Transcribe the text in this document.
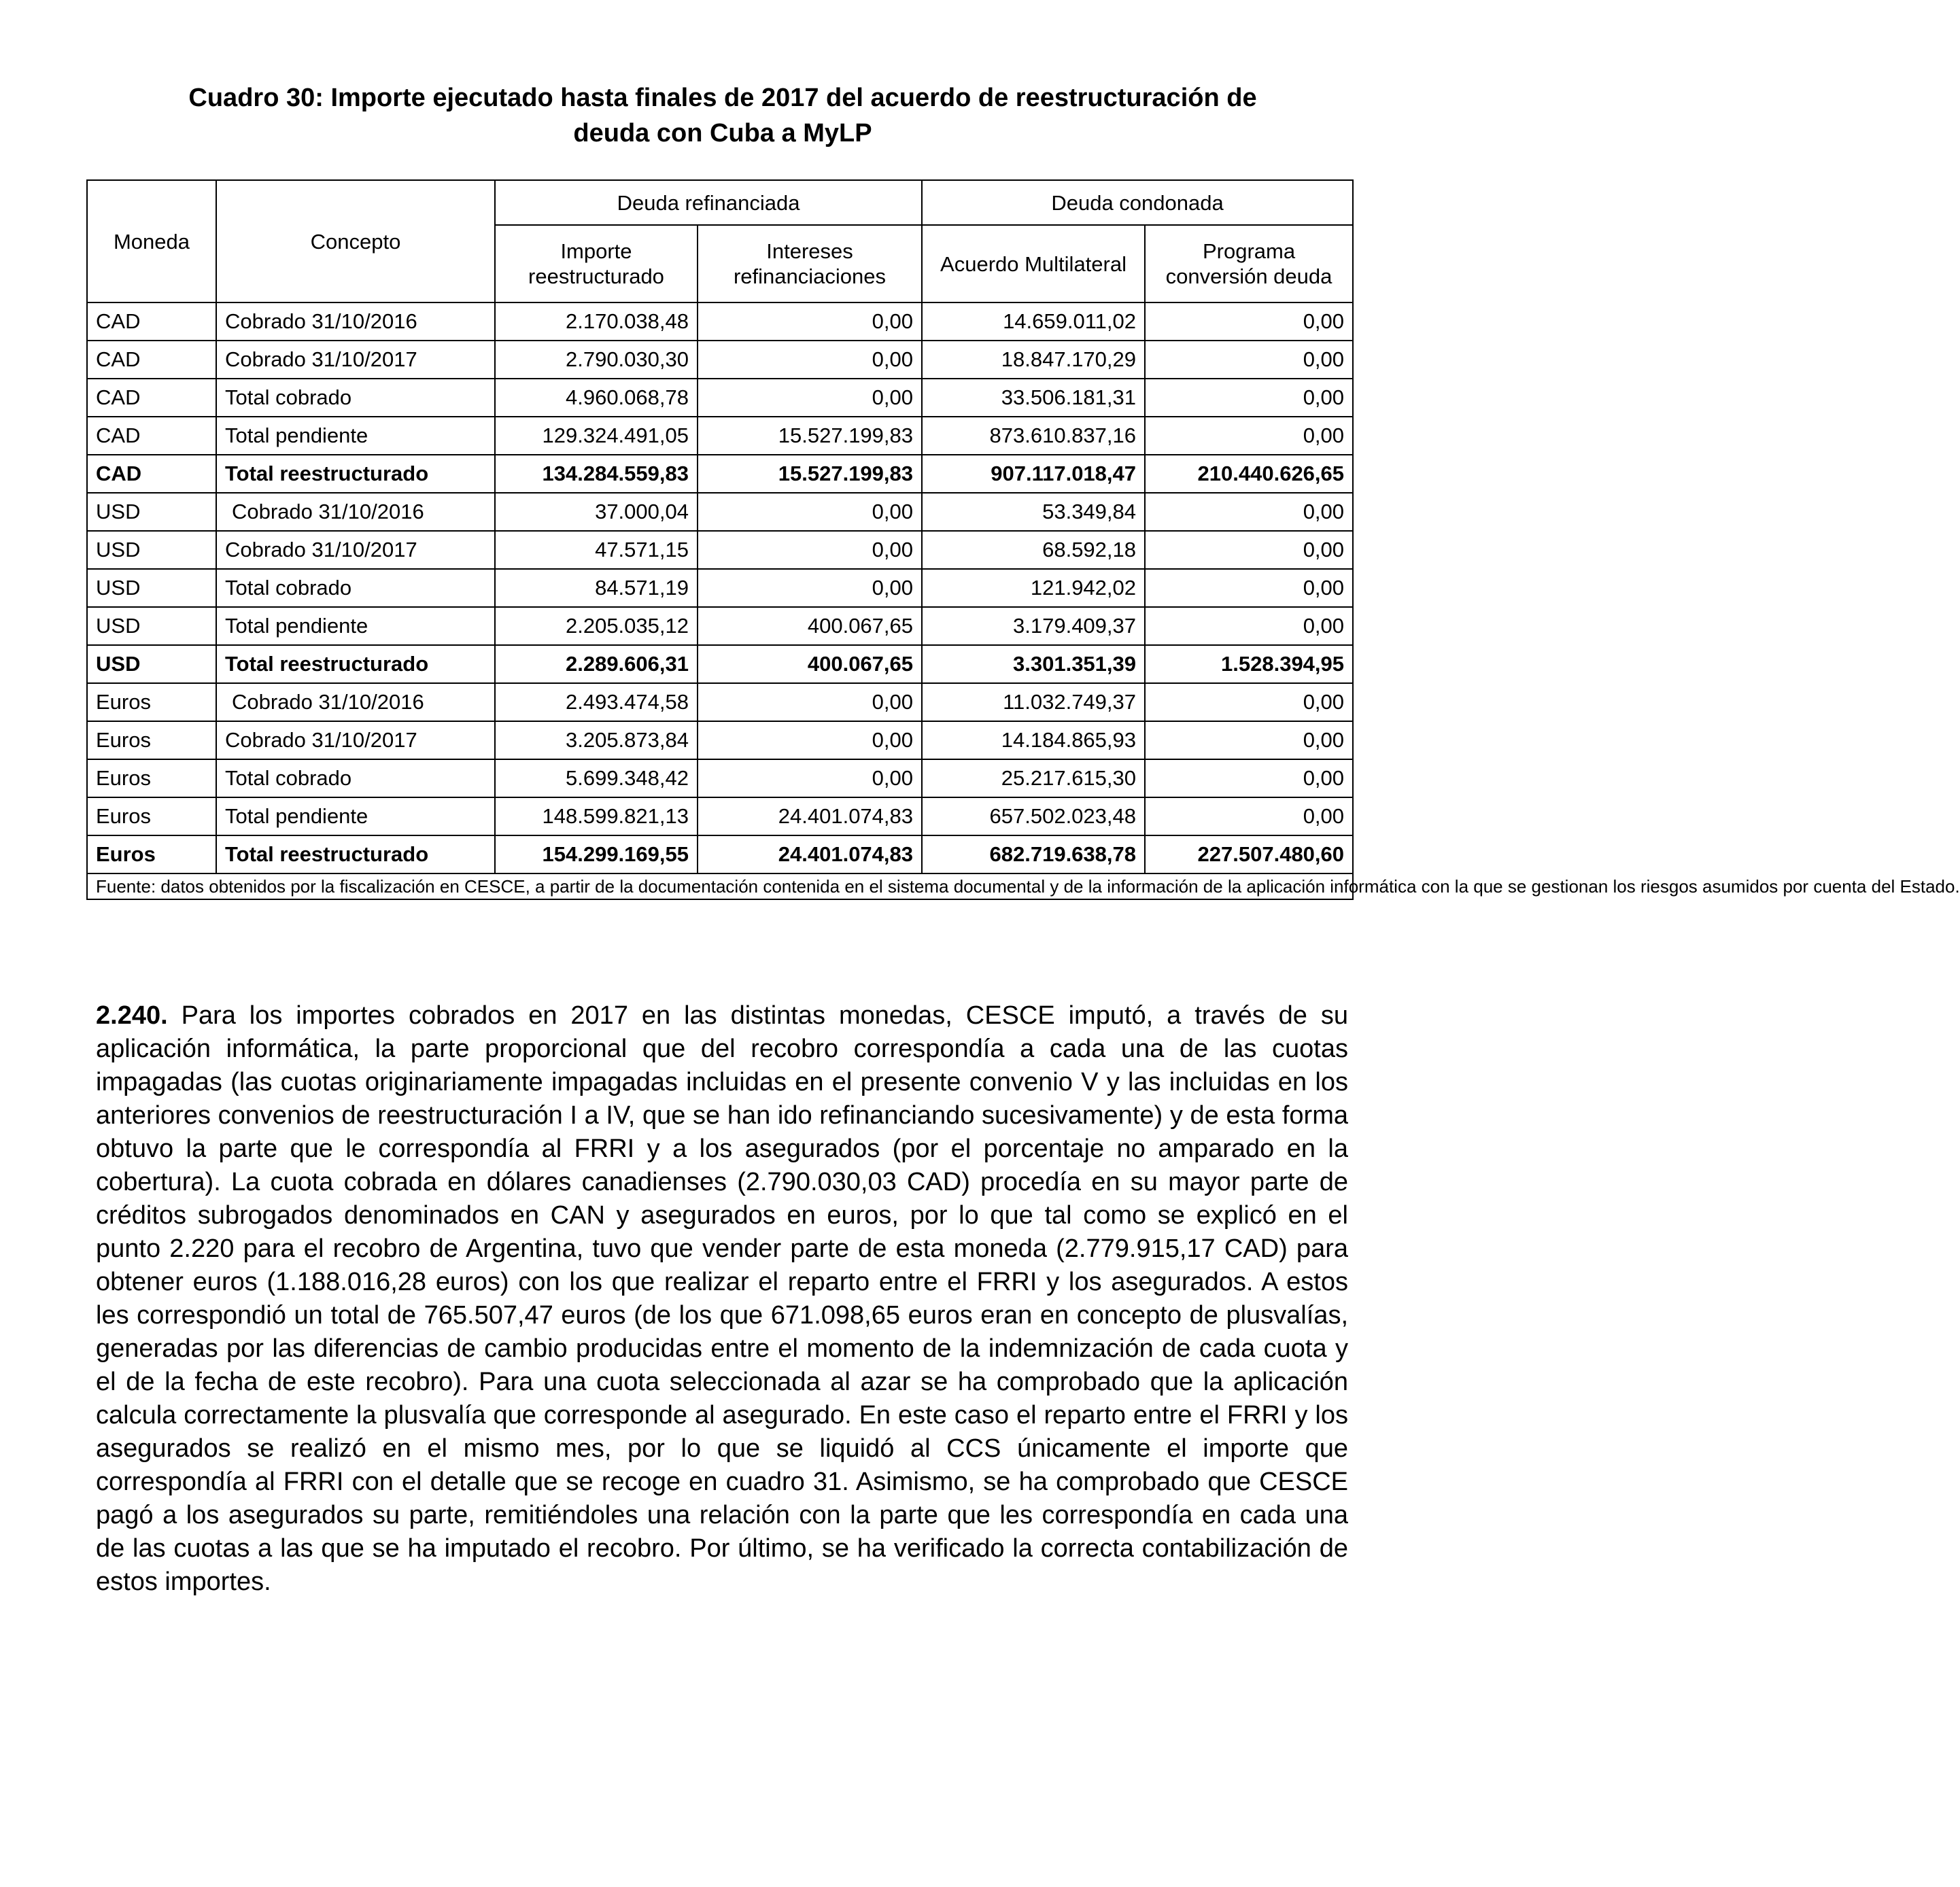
Cuadro 30: Importe ejecutado hasta finales de 2017 del acuerdo de reestructuración de
deuda con Cuba a MyLP
Moneda	Concepto	Deuda refinanciada		Deuda condonada	
		Importe reestructurado	Intereses refinanciaciones	Acuerdo Multilateral	Programa conversión deuda
CAD	Cobrado 31/10/2016	2.170.038,48	0,00	14.659.011,02	0,00
CAD	Cobrado 31/10/2017	2.790.030,30	0,00	18.847.170,29	0,00
CAD	Total cobrado	4.960.068,78	0,00	33.506.181,31	0,00
CAD	Total pendiente	129.324.491,05	15.527.199,83	873.610.837,16	0,00
CAD	Total reestructurado	134.284.559,83	15.527.199,83	907.117.018,47	210.440.626,65
USD	Cobrado 31/10/2016	37.000,04	0,00	53.349,84	0,00
USD	Cobrado 31/10/2017	47.571,15	0,00	68.592,18	0,00
USD	Total cobrado	84.571,19	0,00	121.942,02	0,00
USD	Total pendiente	2.205.035,12	400.067,65	3.179.409,37	0,00
USD	Total reestructurado	2.289.606,31	400.067,65	3.301.351,39	1.528.394,95
Euros	Cobrado 31/10/2016	2.493.474,58	0,00	11.032.749,37	0,00
Euros	Cobrado 31/10/2017	3.205.873,84	0,00	14.184.865,93	0,00
Euros	Total cobrado	5.699.348,42	0,00	25.217.615,30	0,00
Euros	Total pendiente	148.599.821,13	24.401.074,83	657.502.023,48	0,00
Euros	Total reestructurado	154.299.169,55	24.401.074,83	682.719.638,78	227.507.480,60
Fuente: datos obtenidos por la fiscalización en CESCE, a partir de la documentación contenida en el sistema documental y de la información de la aplicación informática con la que se gestionan los riesgos asumidos por cuenta del Estado.					
2.240. Para los importes cobrados en 2017 en las distintas monedas, CESCE imputó, a través de su aplicación informática, la parte proporcional que del recobro correspondía a cada una de las cuotas impagadas (las cuotas originariamente impagadas incluidas en el presente convenio V y las incluidas en los anteriores convenios de reestructuración I a IV, que se han ido refinanciando sucesivamente) y de esta forma obtuvo la parte que le correspondía al FRRI y a los asegurados (por el porcentaje no amparado en la cobertura). La cuota cobrada en dólares canadienses (2.790.030,03 CAD) procedía en su mayor parte de créditos subrogados denominados en CAN y asegurados en euros, por lo que tal como se explicó en el punto 2.220 para el recobro de Argentina, tuvo que vender parte de esta moneda (2.779.915,17 CAD) para obtener euros (1.188.016,28 euros) con los que realizar el reparto entre el FRRI y los asegurados. A estos les correspondió un total de 765.507,47 euros (de los que 671.098,65 euros eran en concepto de plusvalías, generadas por las diferencias de cambio producidas entre el momento de la indemnización de cada cuota y el de la fecha de este recobro). Para una cuota seleccionada al azar se ha comprobado que la aplicación calcula correctamente la plusvalía que corresponde al asegurado. En este caso el reparto entre el FRRI y los asegurados se realizó en el mismo mes, por lo que se liquidó al CCS únicamente el importe que correspondía al FRRI con el detalle que se recoge en cuadro 31. Asimismo, se ha comprobado que CESCE pagó a los asegurados su parte, remitiéndoles una relación con la parte que les correspondía en cada una de las cuotas a las que se ha imputado el recobro. Por último, se ha verificado la correcta contabilización de estos importes.
